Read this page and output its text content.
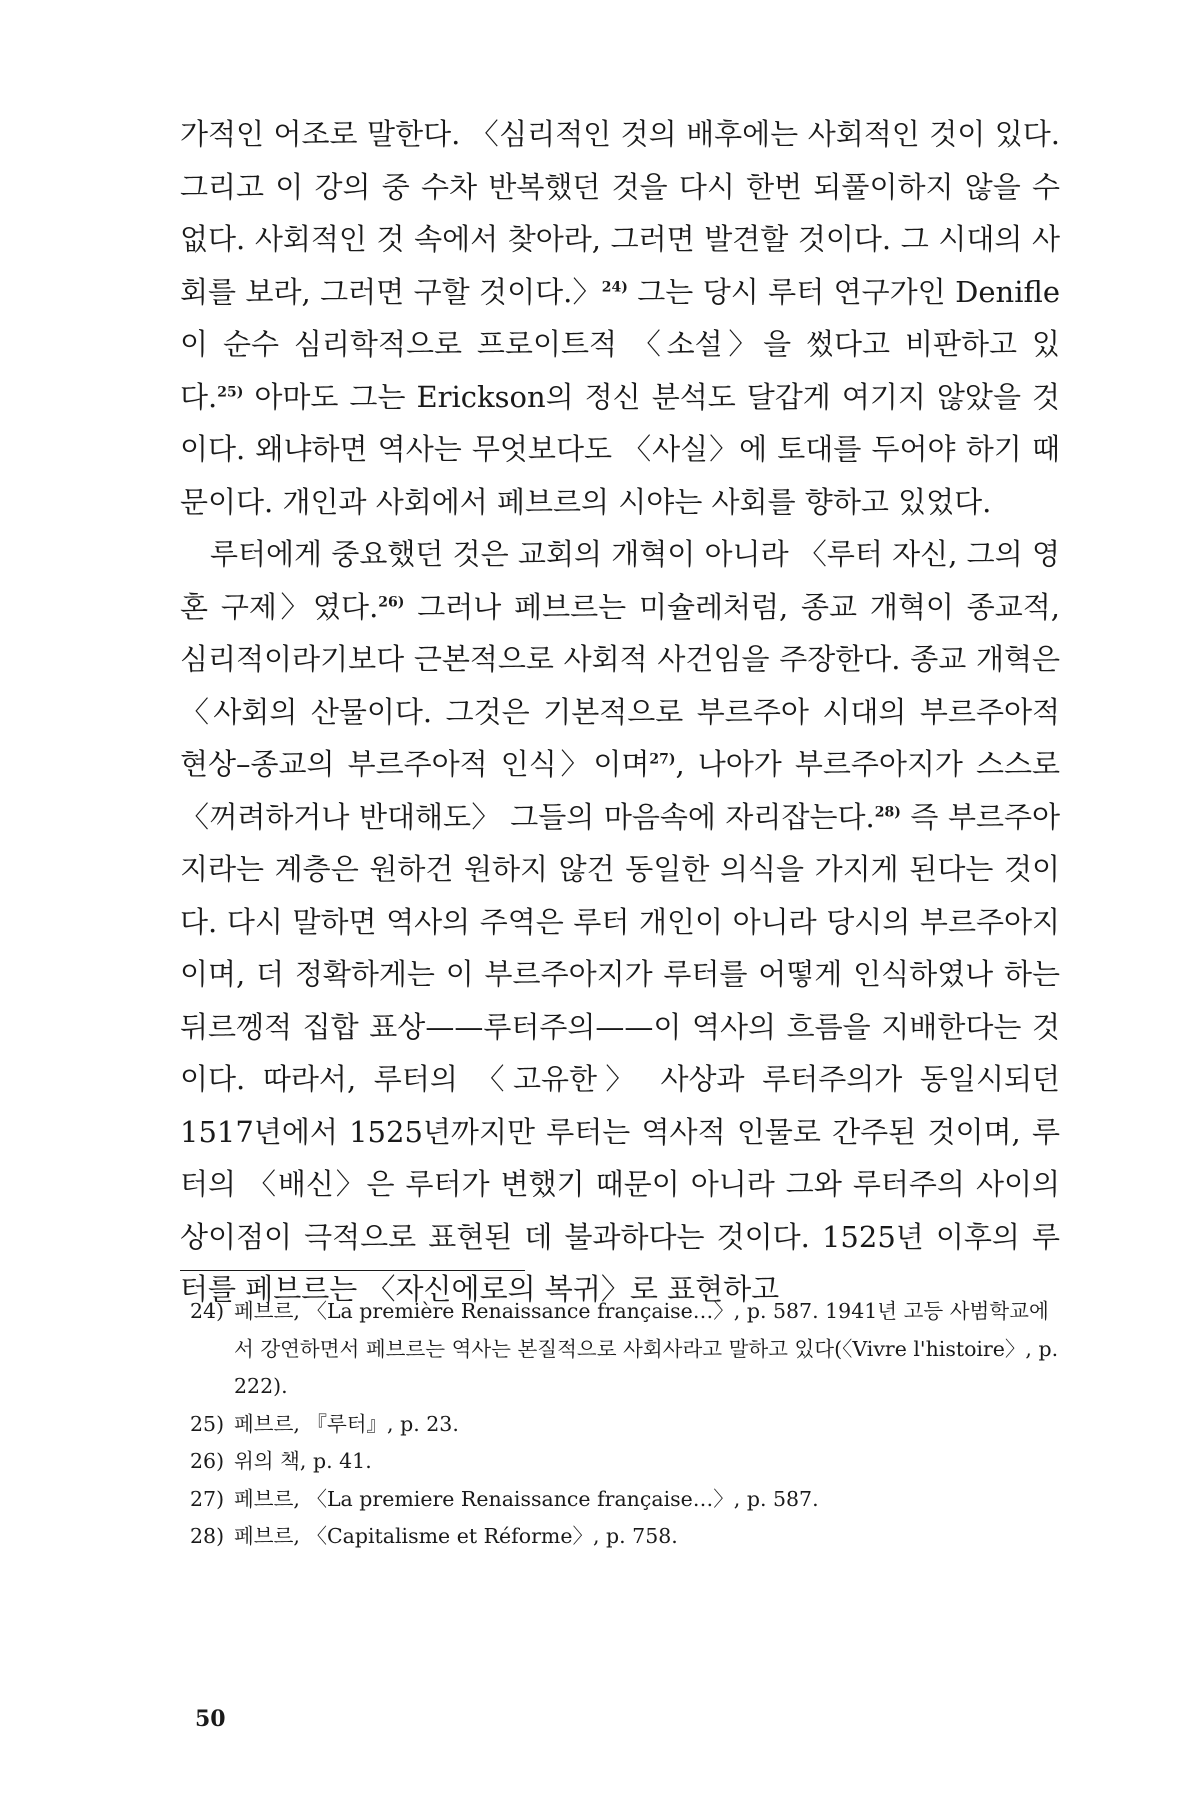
가적인 어조로 말한다. 〈심리적인 것의 배후에는 사회적인 것이 있다. 그리고 이 강의 중 수차 반복했던 것을 다시 한번 되풀이하지 않을 수 없다. 사회적인 것 속에서 찾아라, 그러면 발견할 것이다. 그 시대의 사회를 보라, 그러면 구할 것이다.〉$^{24)}$ 그는 당시 루터 연구가인 Denifle이 순수 심리학적으로 프로이트적 〈소설〉을 썼다고 비판하고 있다.$^{25)}$ 아마도 그는 Erickson의 정신 분석도 달갑게 여기지 않았을 것이다. 왜냐하면 역사는 무엇보다도 〈사실〉에 토대를 두어야 하기 때문이다. 개인과 사회에서 페브르의 시야는 사회를 향하고 있었다.

루터에게 중요했던 것은 교회의 개혁이 아니라 〈루터 자신, 그의 영혼 구제〉였다.$^{26)}$ 그러나 페브르는 미슐레처럼, 종교 개혁이 종교적, 심리적이라기보다 근본적으로 사회적 사건임을 주장한다. 종교 개혁은 〈사회의 산물이다. 그것은 기본적으로 부르주아 시대의 부르주아적 현상–종교의 부르주아적 인식〉이며$^{27)}$, 나아가 부르주아지가 스스로 〈꺼려하거나 반대해도〉 그들의 마음속에 자리잡는다.$^{28)}$ 즉 부르주아지라는 계층은 원하건 원하지 않건 동일한 의식을 가지게 된다는 것이다. 다시 말하면 역사의 주역은 루터 개인이 아니라 당시의 부르주아지이며, 더 정확하게는 이 부르주아지가 루터를 어떻게 인식하였나 하는 뒤르껭적 집합 표상——루터주의——이 역사의 흐름을 지배한다는 것이다. 따라서, 루터의 〈고유한〉 사상과 루터주의가 동일시되던 1517년에서 1525년까지만 루터는 역사적 인물로 간주된 것이며, 루터의 〈배신〉은 루터가 변했기 때문이 아니라 그와 루터주의 사이의 상이점이 극적으로 표현된 데 불과하다는 것이다. 1525년 이후의 루터를 페브르는 〈자신에로의 복귀〉로 표현하고

24) 페브르, 〈La première Renaissance française…〉, p. 587. 1941년 고등 사범학교에서 강연하면서 페브르는 역사는 본질적으로 사회사라고 말하고 있다(〈Vivre l'histoire〉, p. 222).
25) 페브르, 『루터』, p. 23.
26) 위의 책, p. 41.
27) 페브르, 〈La premiere Renaissance française…〉, p. 587.
28) 페브르, 〈Capitalisme et Réforme〉, p. 758.
50
